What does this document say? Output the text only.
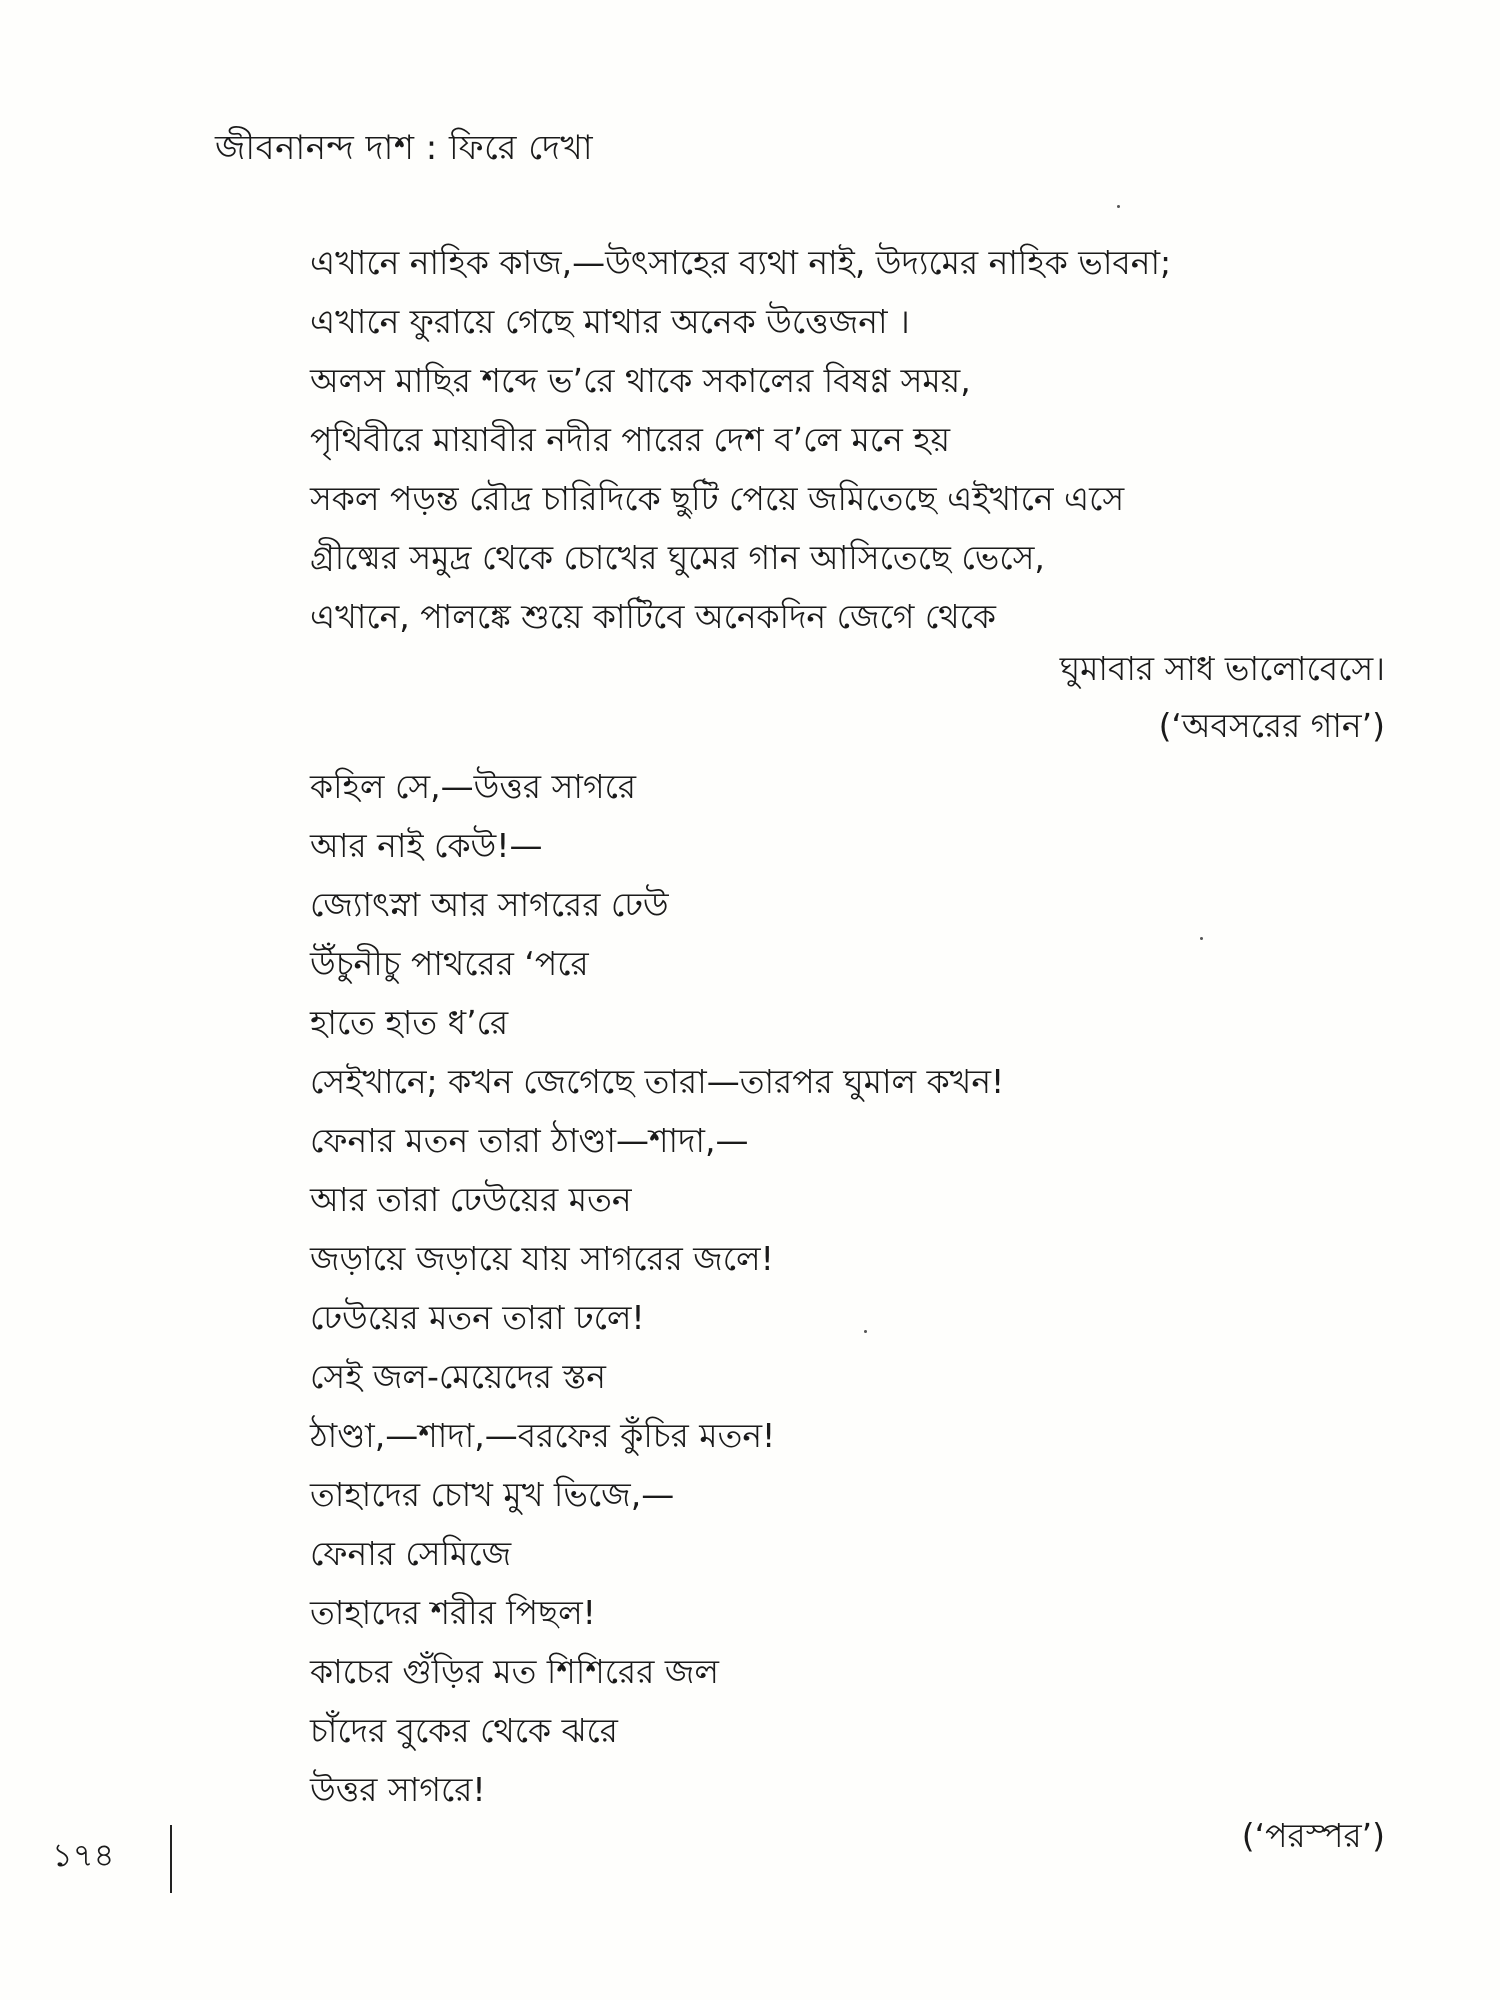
জীবনানন্দ দাশ : ফিরে দেখা
এখানে নাহিক কাজ,—উৎসাহের ব্যথা নাই, উদ্যমের নাহিক ভাবনা;
এখানে ফুরায়ে গেছে মাথার অনেক উত্তেজনা ।
অলস মাছির শব্দে ভ’রে থাকে সকালের বিষণ্ণ সময়,
পৃথিবীরে মায়াবীর নদীর পারের দেশ ব’লে মনে হয়
সকল পড়ন্ত রৌদ্র চারিদিকে ছুটি পেয়ে জমিতেছে এইখানে এসে
গ্রীষ্মের সমুদ্র থেকে চোখের ঘুমের গান আসিতেছে ভেসে,
এখানে, পালঙ্কে শুয়ে কাটিবে অনেকদিন জেগে থেকে
ঘুমাবার সাধ ভালোবেসে।
(‘অবসরের গান’)
কহিল সে,—উত্তর সাগরে
আর নাই কেউ!—
জ্যোৎস্না আর সাগরের ঢেউ
উঁচুনীচু পাথরের ‘পরে
হাতে হাত ধ’রে
সেইখানে; কখন জেগেছে তারা—তারপর ঘুমাল কখন!
ফেনার মতন তারা ঠাণ্ডা—শাদা,—
আর তারা ঢেউয়ের মতন
জড়ায়ে জড়ায়ে যায় সাগরের জলে!
ঢেউয়ের মতন তারা ঢলে!
সেই জল-মেয়েদের স্তন
ঠাণ্ডা,—শাদা,—বরফের কুঁচির মতন!
তাহাদের চোখ মুখ ভিজে,—
ফেনার সেমিজে
তাহাদের শরীর পিছল!
কাচের গুঁড়ির মত শিশিরের জল
চাঁদের বুকের থেকে ঝরে
উত্তর সাগরে!
(‘পরস্পর’)
১৭৪
